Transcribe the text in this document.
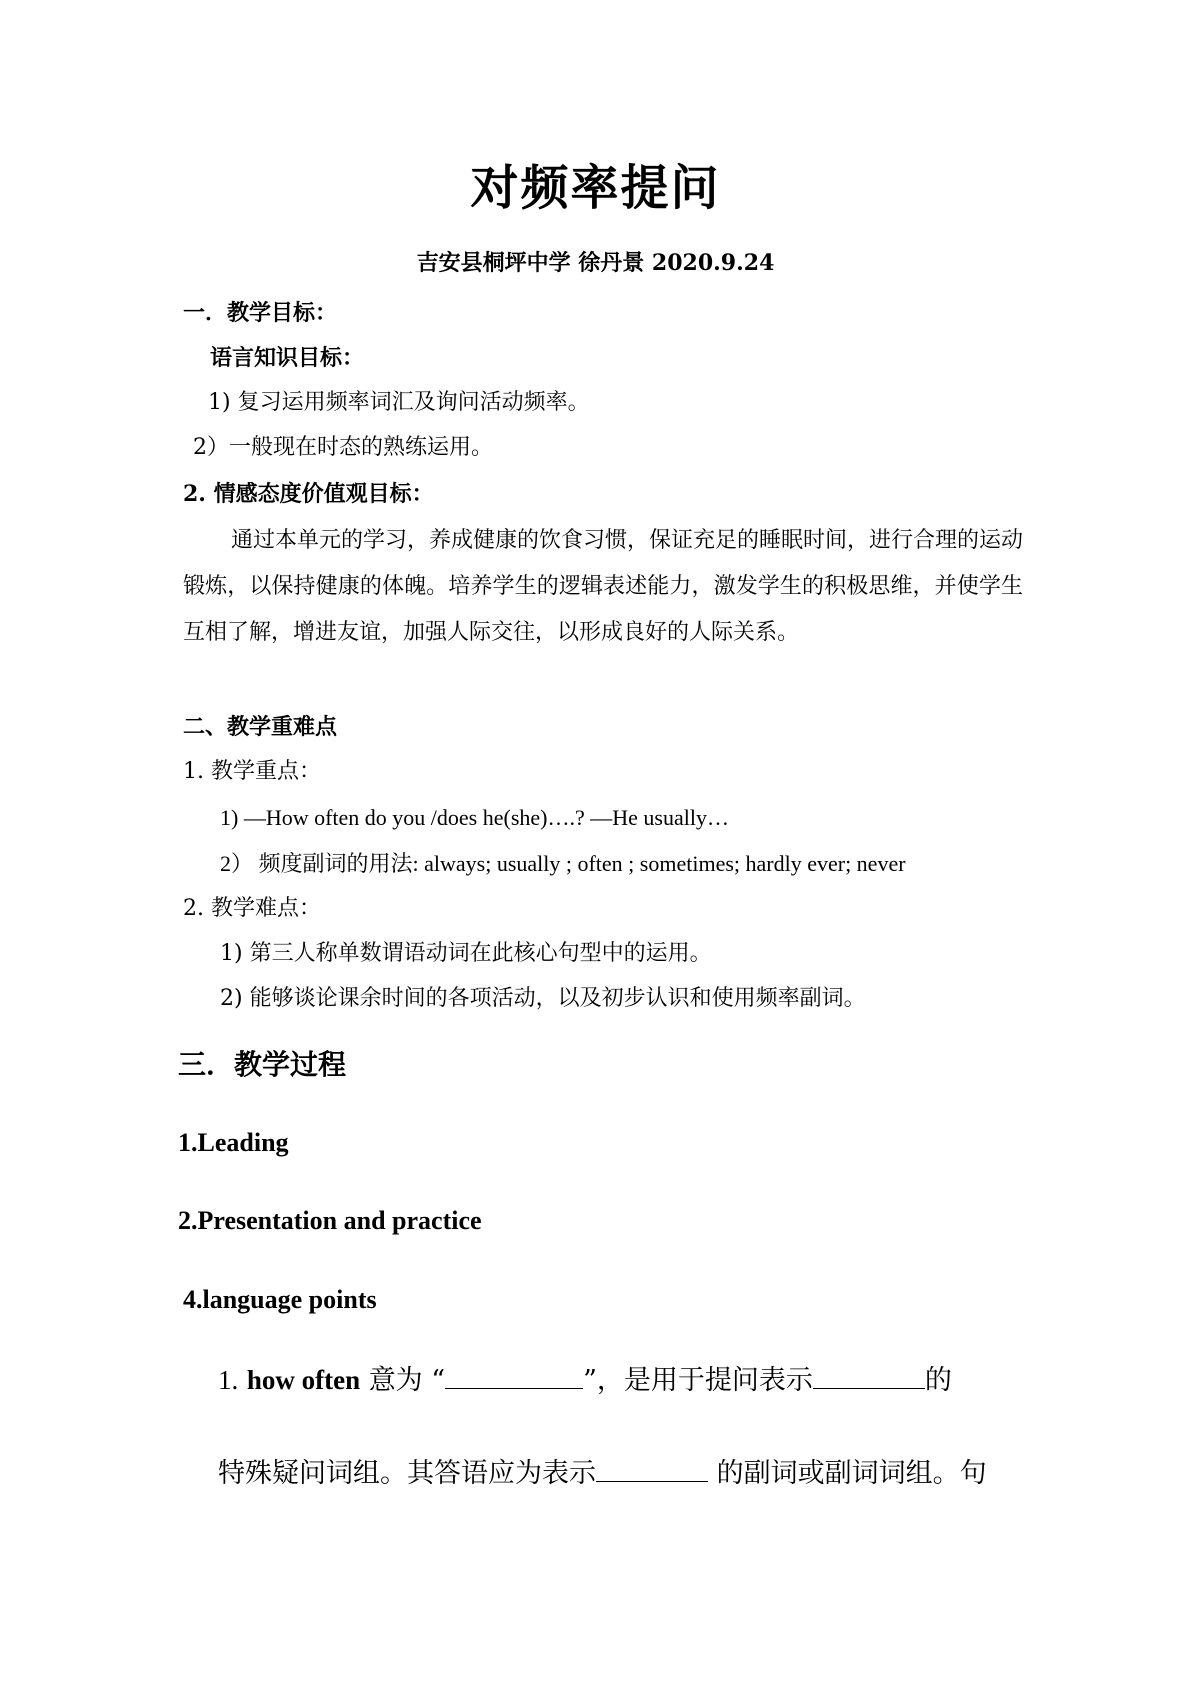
对频率提问
吉安县桐坪中学 徐丹景 2020.9.24
一．教学目标：
语言知识目标：
1) 复习运用频率词汇及询问活动频率。
2）一般现在时态的熟练运用。
2. 情感态度价值观目标：
通过本单元的学习，养成健康的饮食习惯，保证充足的睡眠时间，进行合理的运动锻炼，以保持健康的体魄。培养学生的逻辑表述能力，激发学生的积极思维，并使学生互相了解，增进友谊，加强人际交往，以形成良好的人际关系。
二、教学重难点
1. 教学重点：
1) —How often do you /does he(she)….? —He usually…
2） 频度副词的用法: always; usually ; often ; sometimes; hardly ever; never
2. 教学难点：
1) 第三人称单数谓语动词在此核心句型中的运用。
2) 能够谈论课余时间的各项活动，以及初步认识和使用频率副词。
三．教学过程
1.Leading
2.Presentation and practice
4.language points
1. how often 意为 “	”，是用于提问表示	的
特殊疑问词组。其答语应为表示	的副词或副词词组。句
